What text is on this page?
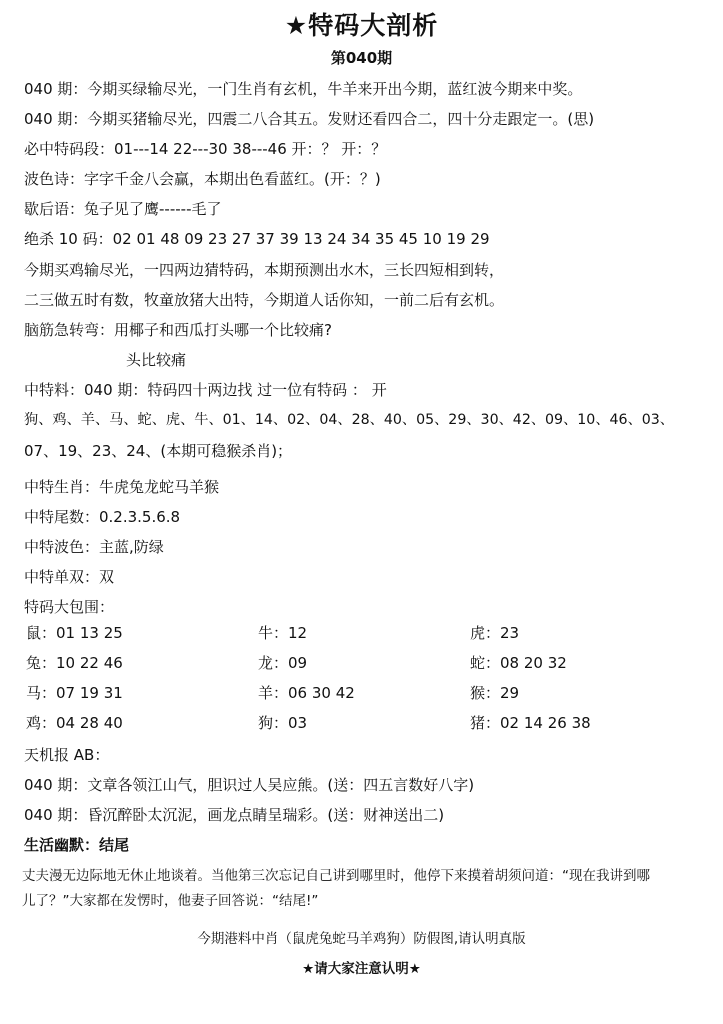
★特码大剖析
第040期
040 期：今期买绿输尽光，一门生肖有玄机，牛羊来开出今期，蓝红波今期来中奖。
040 期：今期买猪输尽光，四震二八合其五。发财还看四合二，四十分走跟定一。(思)
必中特码段：01---14 22---30 38---46 开：？ 开：？
波色诗：字字千金八会赢，本期出色看蓝红。(开：？)
歇后语：兔子见了鹰------毛了
绝杀 10 码：02 01 48 09 23 27 37 39 13 24 34 35 45 10 19 29
今期买鸡输尽光，一四两边猜特码，本期预测出水木，三长四短相到转，
二三做五时有数，牧童放猪大出特，今期道人话你知，一前二后有玄机。
脑筋急转弯：用椰子和西瓜打头哪一个比较痛?
头比较痛
中特料：040 期：特码四十两边找 过一位有特码 ： 开
狗、鸡、羊、马、蛇、虎、牛、01、14、02、04、28、40、05、29、30、42、09、10、46、03、
07、19、23、24、(本期可稳猴杀肖)；
中特生肖：牛虎兔龙蛇马羊猴
中特尾数：0.2.3.5.6.8
中特波色：主蓝,防绿
中特单双：双
特码大包围：
鼠：01 13 25	牛：12	虎：23
兔：10 22 46	龙：09	蛇：08 20 32
马：07 19 31	羊：06 30 42	猴：29
鸡：04 28 40	狗：03	猪：02 14 26 38
天机报 AB：
040 期：文章各领江山气，胆识过人吴应熊。(送：四五言数好八字)
040 期：昏沉醉卧太沉泥，画龙点睛呈瑞彩。(送：财神送出二)
生活幽默：结尾
丈夫漫无边际地无休止地谈着。当他第三次忘记自己讲到哪里时，他停下来摸着胡须问道：“现在我讲到哪
儿了？”大家都在发愣时，他妻子回答说：“结尾!”
今期港料中肖（鼠虎兔蛇马羊鸡狗）防假图,请认明真版
★请大家注意认明★
